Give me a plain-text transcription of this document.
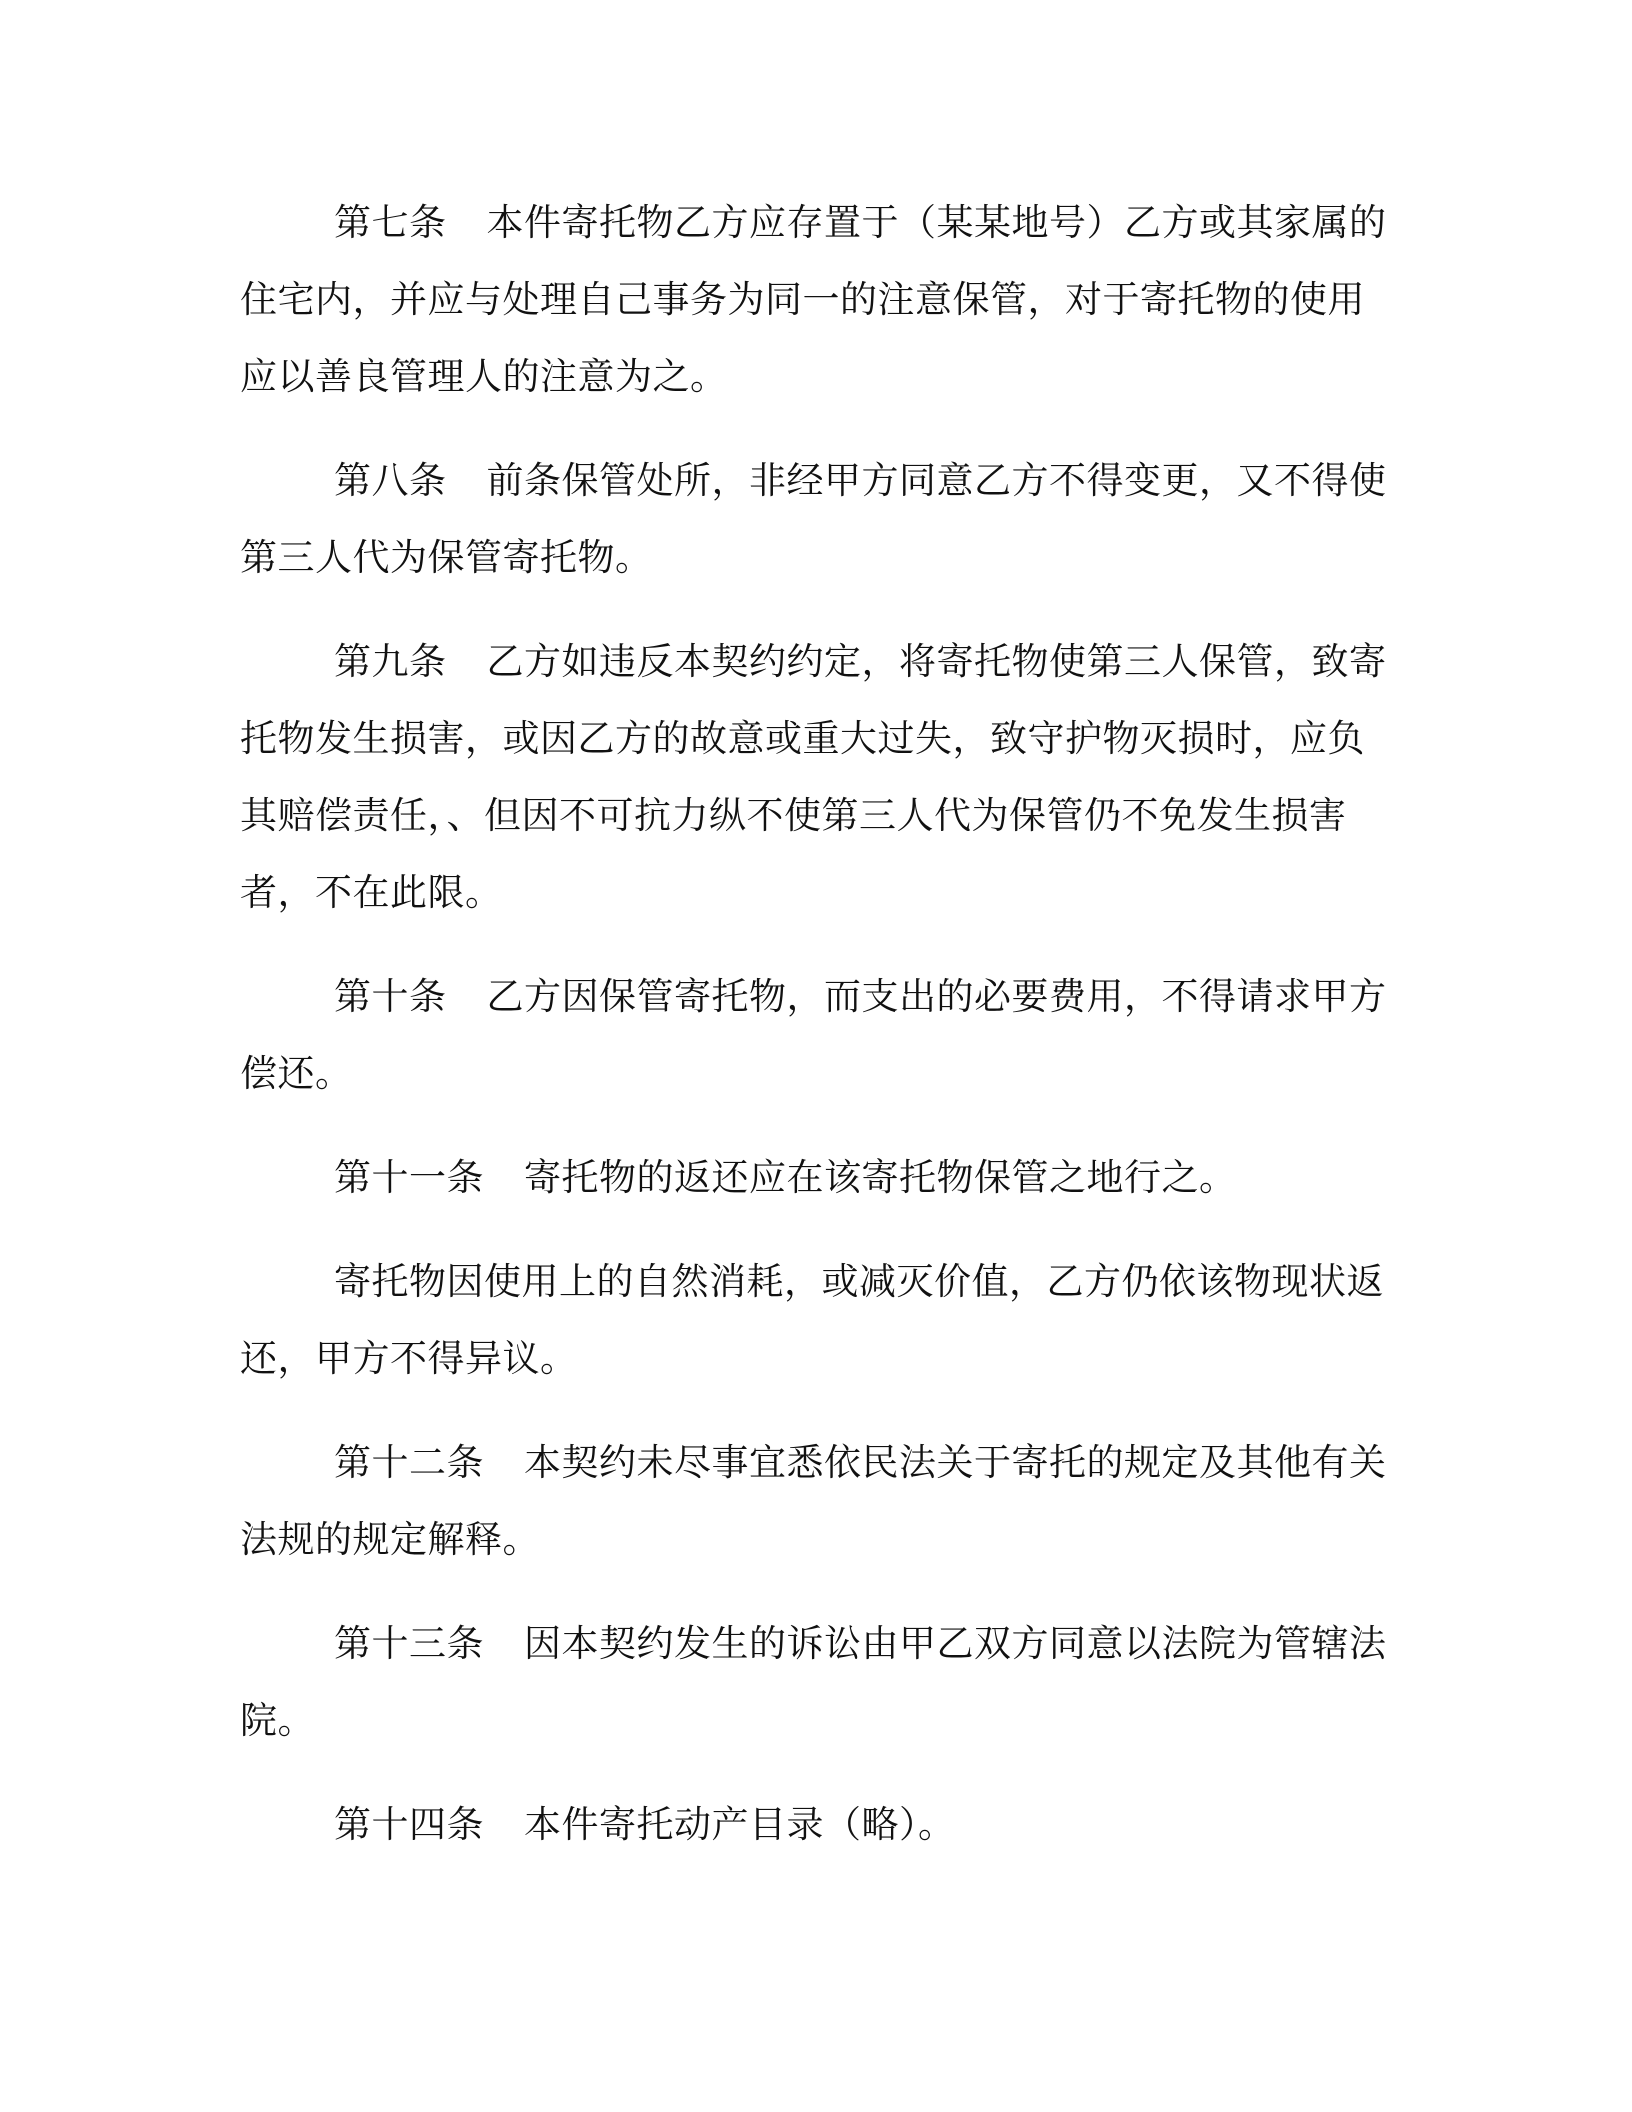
第七条 本件寄托物乙方应存置于（某某地号）乙方或其家属的住宅内，并应与处理自己事务为同一的注意保管，对于寄托物的使用应以善良管理人的注意为之。

第八条 前条保管处所，非经甲方同意乙方不得变更，又不得使第三人代为保管寄托物。

第九条 乙方如违反本契约约定，将寄托物使第三人保管，致寄托物发生损害，或因乙方的故意或重大过失，致守护物灭损时，应负其赔偿责任，、但因不可抗力纵不使第三人代为保管仍不免发生损害者，不在此限。

第十条 乙方因保管寄托物，而支出的必要费用，不得请求甲方偿还。

第十一条 寄托物的返还应在该寄托物保管之地行之。

寄托物因使用上的自然消耗，或减灭价值，乙方仍依该物现状返还，甲方不得异议。

第十二条 本契约未尽事宜悉依民法关于寄托的规定及其他有关法规的规定解释。

第十三条 因本契约发生的诉讼由甲乙双方同意以法院为管辖法院。

第十四条 本件寄托动产目录（略）。
